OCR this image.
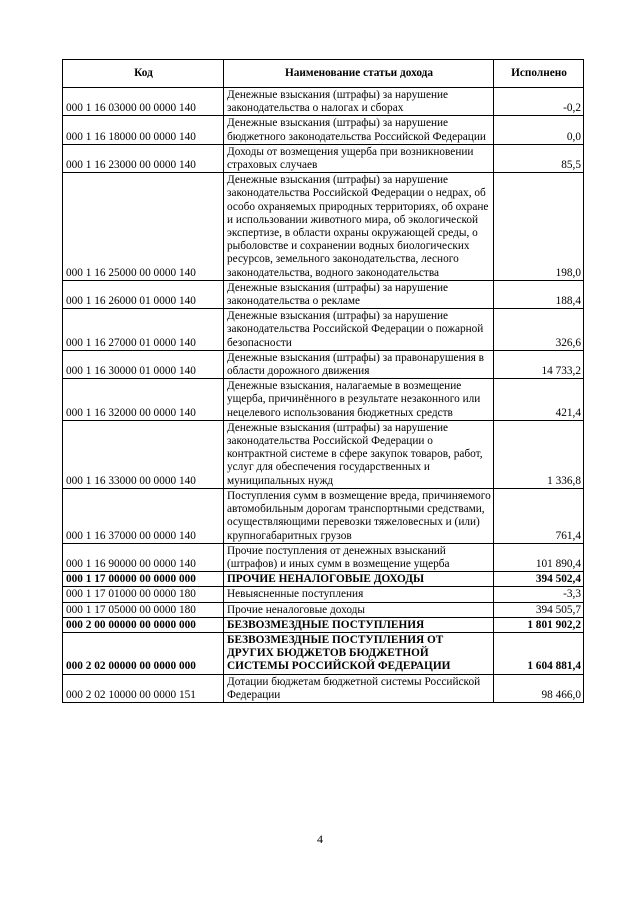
Код	Наименование статьи дохода	Исполнено
000 1 16 03000 00 0000 140	Денежные взыскания (штрафы) за нарушение законодательства о налогах и сборах	-0,2
000 1 16 18000 00 0000 140	Денежные взыскания (штрафы) за нарушение бюджетного законодательства Российской Федерации	0,0
000 1 16 23000 00 0000 140	Доходы от возмещения ущерба при возникновении страховых случаев	85,5
000 1 16 25000 00 0000 140	Денежные взыскания (штрафы) за нарушение законодательства Российской Федерации о недрах, об особо охраняемых природных территориях, об охране и использовании животного мира, об экологической экспертизе, в области охраны окружающей среды, о рыболовстве и сохранении водных биологических ресурсов, земельного законодательства, лесного законодательства, водного законодательства	198,0
000 1 16 26000 01 0000 140	Денежные взыскания (штрафы) за нарушение законодательства о рекламе	188,4
000 1 16 27000 01 0000 140	Денежные взыскания (штрафы) за нарушение законодательства Российской Федерации о пожарной безопасности	326,6
000 1 16 30000 01 0000 140	Денежные взыскания (штрафы) за правонарушения в области дорожного движения	14 733,2
000 1 16 32000 00 0000 140	Денежные взыскания, налагаемые в возмещение ущерба, причинённого в результате незаконного или нецелевого использования бюджетных средств	421,4
000 1 16 33000 00 0000 140	Денежные взыскания (штрафы) за нарушение законодательства Российской Федерации о контрактной системе в сфере закупок товаров, работ, услуг для обеспечения государственных и муниципальных нужд	1 336,8
000 1 16 37000 00 0000 140	Поступления сумм в возмещение вреда, причиняемого автомобильным дорогам транспортными средствами, осуществляющими перевозки тяжеловесных и (или) крупногабаритных грузов	761,4
000 1 16 90000 00 0000 140	Прочие поступления от денежных взысканий (штрафов) и иных сумм в возмещение ущерба	101 890,4
000 1 17 00000 00 0000 000	ПРОЧИЕ НЕНАЛОГОВЫЕ ДОХОДЫ	394 502,4
000 1 17 01000 00 0000 180	Невыясненные поступления	-3,3
000 1 17 05000 00 0000 180	Прочие неналоговые доходы	394 505,7
000 2 00 00000 00 0000 000	БЕЗВОЗМЕЗДНЫЕ ПОСТУПЛЕНИЯ	1 801 902,2
000 2 02 00000 00 0000 000	БЕЗВОЗМЕЗДНЫЕ ПОСТУПЛЕНИЯ ОТ ДРУГИХ БЮДЖЕТОВ БЮДЖЕТНОЙ СИСТЕМЫ РОССИЙСКОЙ ФЕДЕРАЦИИ	1 604 881,4
000 2 02 10000 00 0000 151	Дотации бюджетам бюджетной системы Российской Федерации	98 466,0
4
